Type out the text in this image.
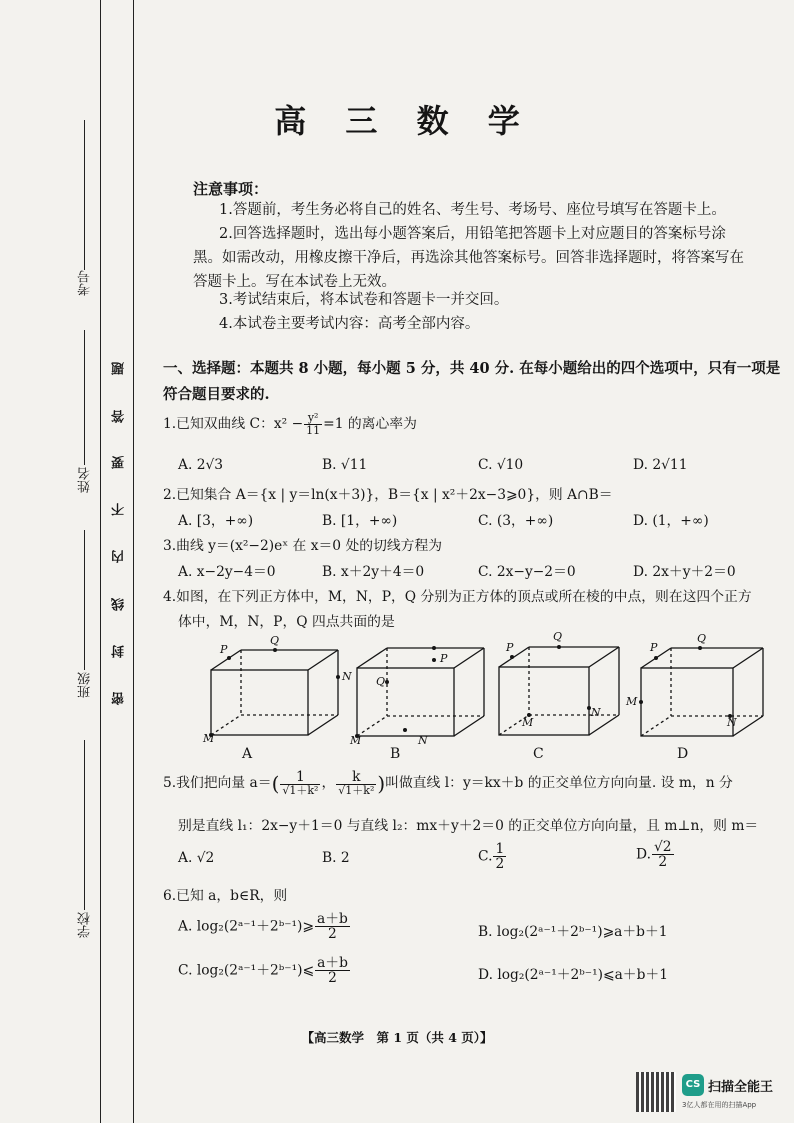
考号
姓名
班级
学校
题
答
要
不
内
线
封
密
高 三 数 学
注意事项：
1.答题前，考生务必将自己的姓名、考生号、考场号、座位号填写在答题卡上。
2.回答选择题时，选出每小题答案后，用铅笔把答题卡上对应题目的答案标号涂黑。如需改动，用橡皮擦干净后，再选涂其他答案标号。回答非选择题时，将答案写在答题卡上。写在本试卷上无效。
3.考试结束后，将本试卷和答题卡一并交回。
4.本试卷主要考试内容：高考全部内容。
一、选择题：本题共 8 小题，每小题 5 分，共 40 分. 在每小题给出的四个选项中，只有一项是符合题目要求的.
1.已知双曲线 C：$x^2 - \frac{\text{y²}}{11} =1$ 的离心率为
A. 2√3	B. √11	C. √10	D. 2√11
2.已知集合 A＝{x | y＝ln(x＋3)}，B＝{x | x²＋2x−3⩾0}，则 A∩B＝
A. [3，+∞)	B. [1，+∞)	C. (3，+∞)	D. (1，+∞)
3.曲线 y＝(x²−2)eˣ 在 x＝0 处的切线方程为
A. x−2y−4＝0	B. x＋2y＋4＝0	C. 2x−y−2＝0	D. 2x＋y＋2＝0
4.如图，在下列正方体中，M，N，P，Q 分别为正方体的顶点或所在棱的中点，则在这四个正方
体中，M，N，P，Q 四点共面的是
P
Q
N
M
P
Q
M	N
P
Q
M
N
P
Q
M
N
A	B	C	D
5.我们把向量 $a=( \frac{1}{\text{√1＋k²}}$ ， $\frac{k}{\text{√1＋k²}}$ )叫做直线 l：y＝kx＋b 的正交单位方向向量. 设 m，n 分
别是直线 l₁：2x−y＋1＝0 与直线 l₂：mx＋y＋2＝0 的正交单位方向向量，且 m⊥n，则 m＝
A. √2	B. 2	C. $\frac{1}{2}$	D. $\frac{√2}{2}$
6.已知 a，b∈R，则
A. log₂(2ᵃ⁻¹＋2ᵇ⁻¹)⩾ $\frac{a+b}{2}$	B. log₂(2ᵃ⁻¹＋2ᵇ⁻¹)⩾a＋b＋1
C. log₂(2ᵃ⁻¹＋2ᵇ⁻¹)⩽ $\frac{a+b}{2}$	D. log₂(2ᵃ⁻¹＋2ᵇ⁻¹)⩽a＋b＋1
【高三数学　第 1 页（共 4 页）】
CS 扫描全能王
3亿人都在用的扫描App
